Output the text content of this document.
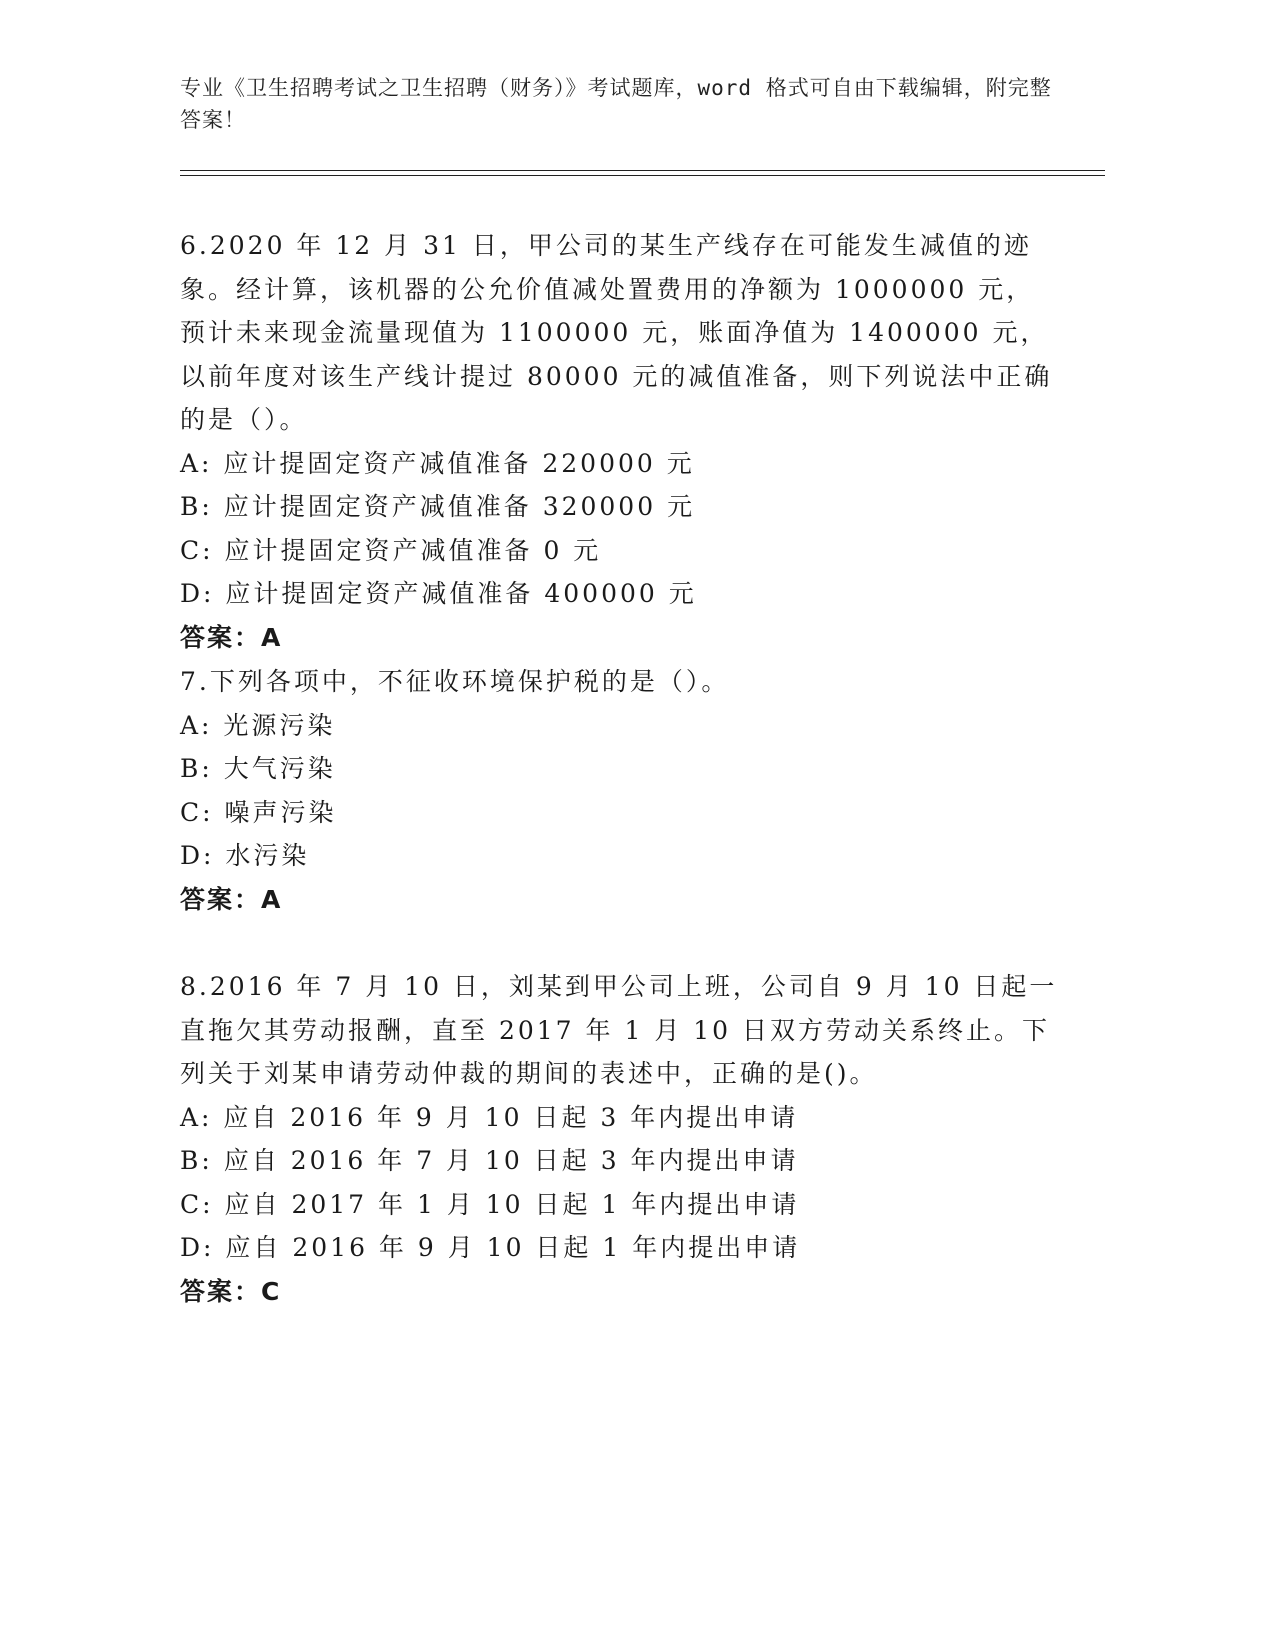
专业《卫生招聘考试之卫生招聘（财务）》考试题库，word 格式可自由下载编辑，附完整答案！

6.2020 年 12 月 31 日，甲公司的某生产线存在可能发生减值的迹象。经计算，该机器的公允价值减处置费用的净额为 1000000 元，预计未来现金流量现值为 1100000 元，账面净值为 1400000 元，以前年度对该生产线计提过 80000 元的减值准备，则下列说法中正确的是（）。

A: 应计提固定资产减值准备 220000 元

B: 应计提固定资产减值准备 320000 元

C: 应计提固定资产减值准备 0 元

D: 应计提固定资产减值准备 400000 元

答案：A

7.下列各项中，不征收环境保护税的是（）。

A: 光源污染

B: 大气污染

C: 噪声污染

D: 水污染

答案：A

8.2016 年 7 月 10 日，刘某到甲公司上班，公司自 9 月 10 日起一直拖欠其劳动报酬，直至 2017 年 1 月 10 日双方劳动关系终止。下列关于刘某申请劳动仲裁的期间的表述中，正确的是()。

A: 应自 2016 年 9 月 10 日起 3 年内提出申请

B: 应自 2016 年 7 月 10 日起 3 年内提出申请

C: 应自 2017 年 1 月 10 日起 1 年内提出申请

D: 应自 2016 年 9 月 10 日起 1 年内提出申请

答案：C
